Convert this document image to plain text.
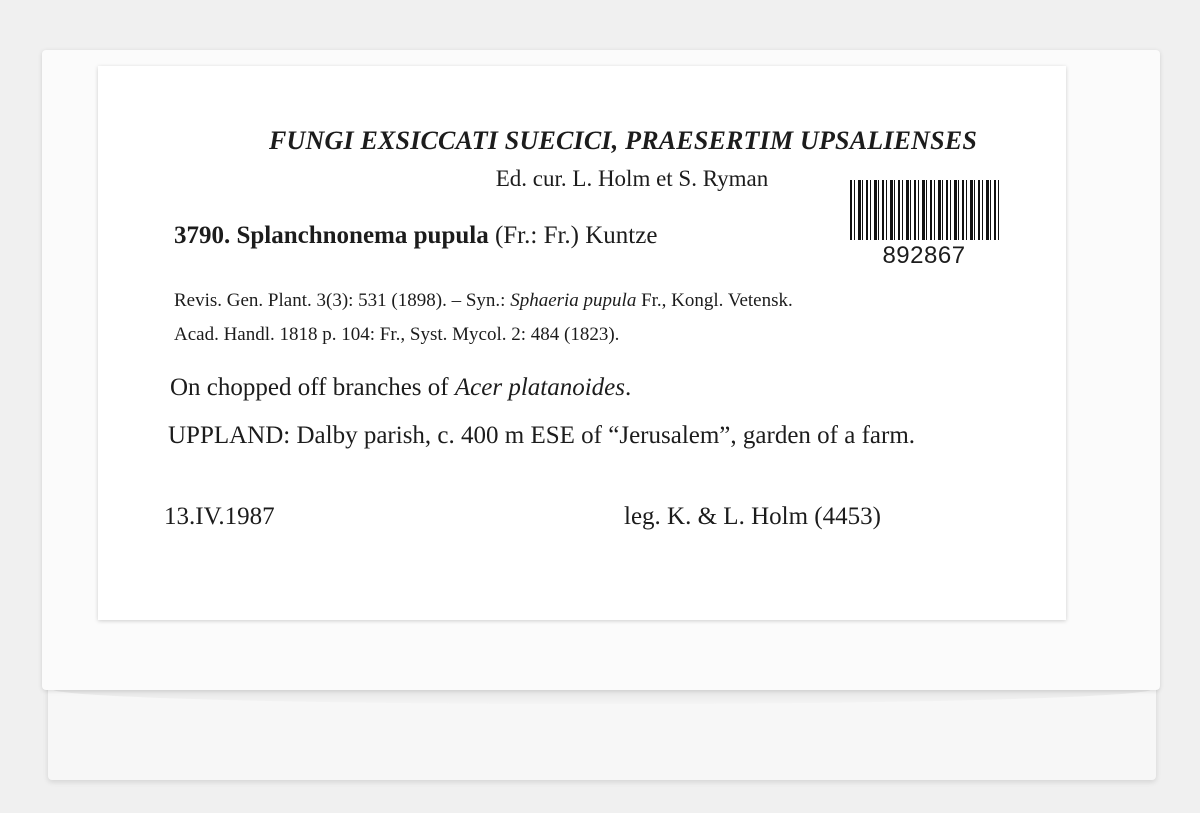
FUNGI EXSICCATI SUECICI, PRAESERTIM UPSALIENSES
Ed. cur. L. Holm et S. Ryman
892867
3790. Splanchnonema pupula (Fr.: Fr.) Kuntze

Revis. Gen. Plant. 3(3): 531 (1898). – Syn.: Sphaeria pupula Fr., Kongl. Vetensk.

Acad. Handl. 1818 p. 104: Fr., Syst. Mycol. 2: 484 (1823).

On chopped off branches of Acer platanoides.
UPPLAND: Dalby parish, c. 400 m ESE of “Jerusalem”, garden of a farm.
13.IV.1987	leg. K. & L. Holm (4453)
